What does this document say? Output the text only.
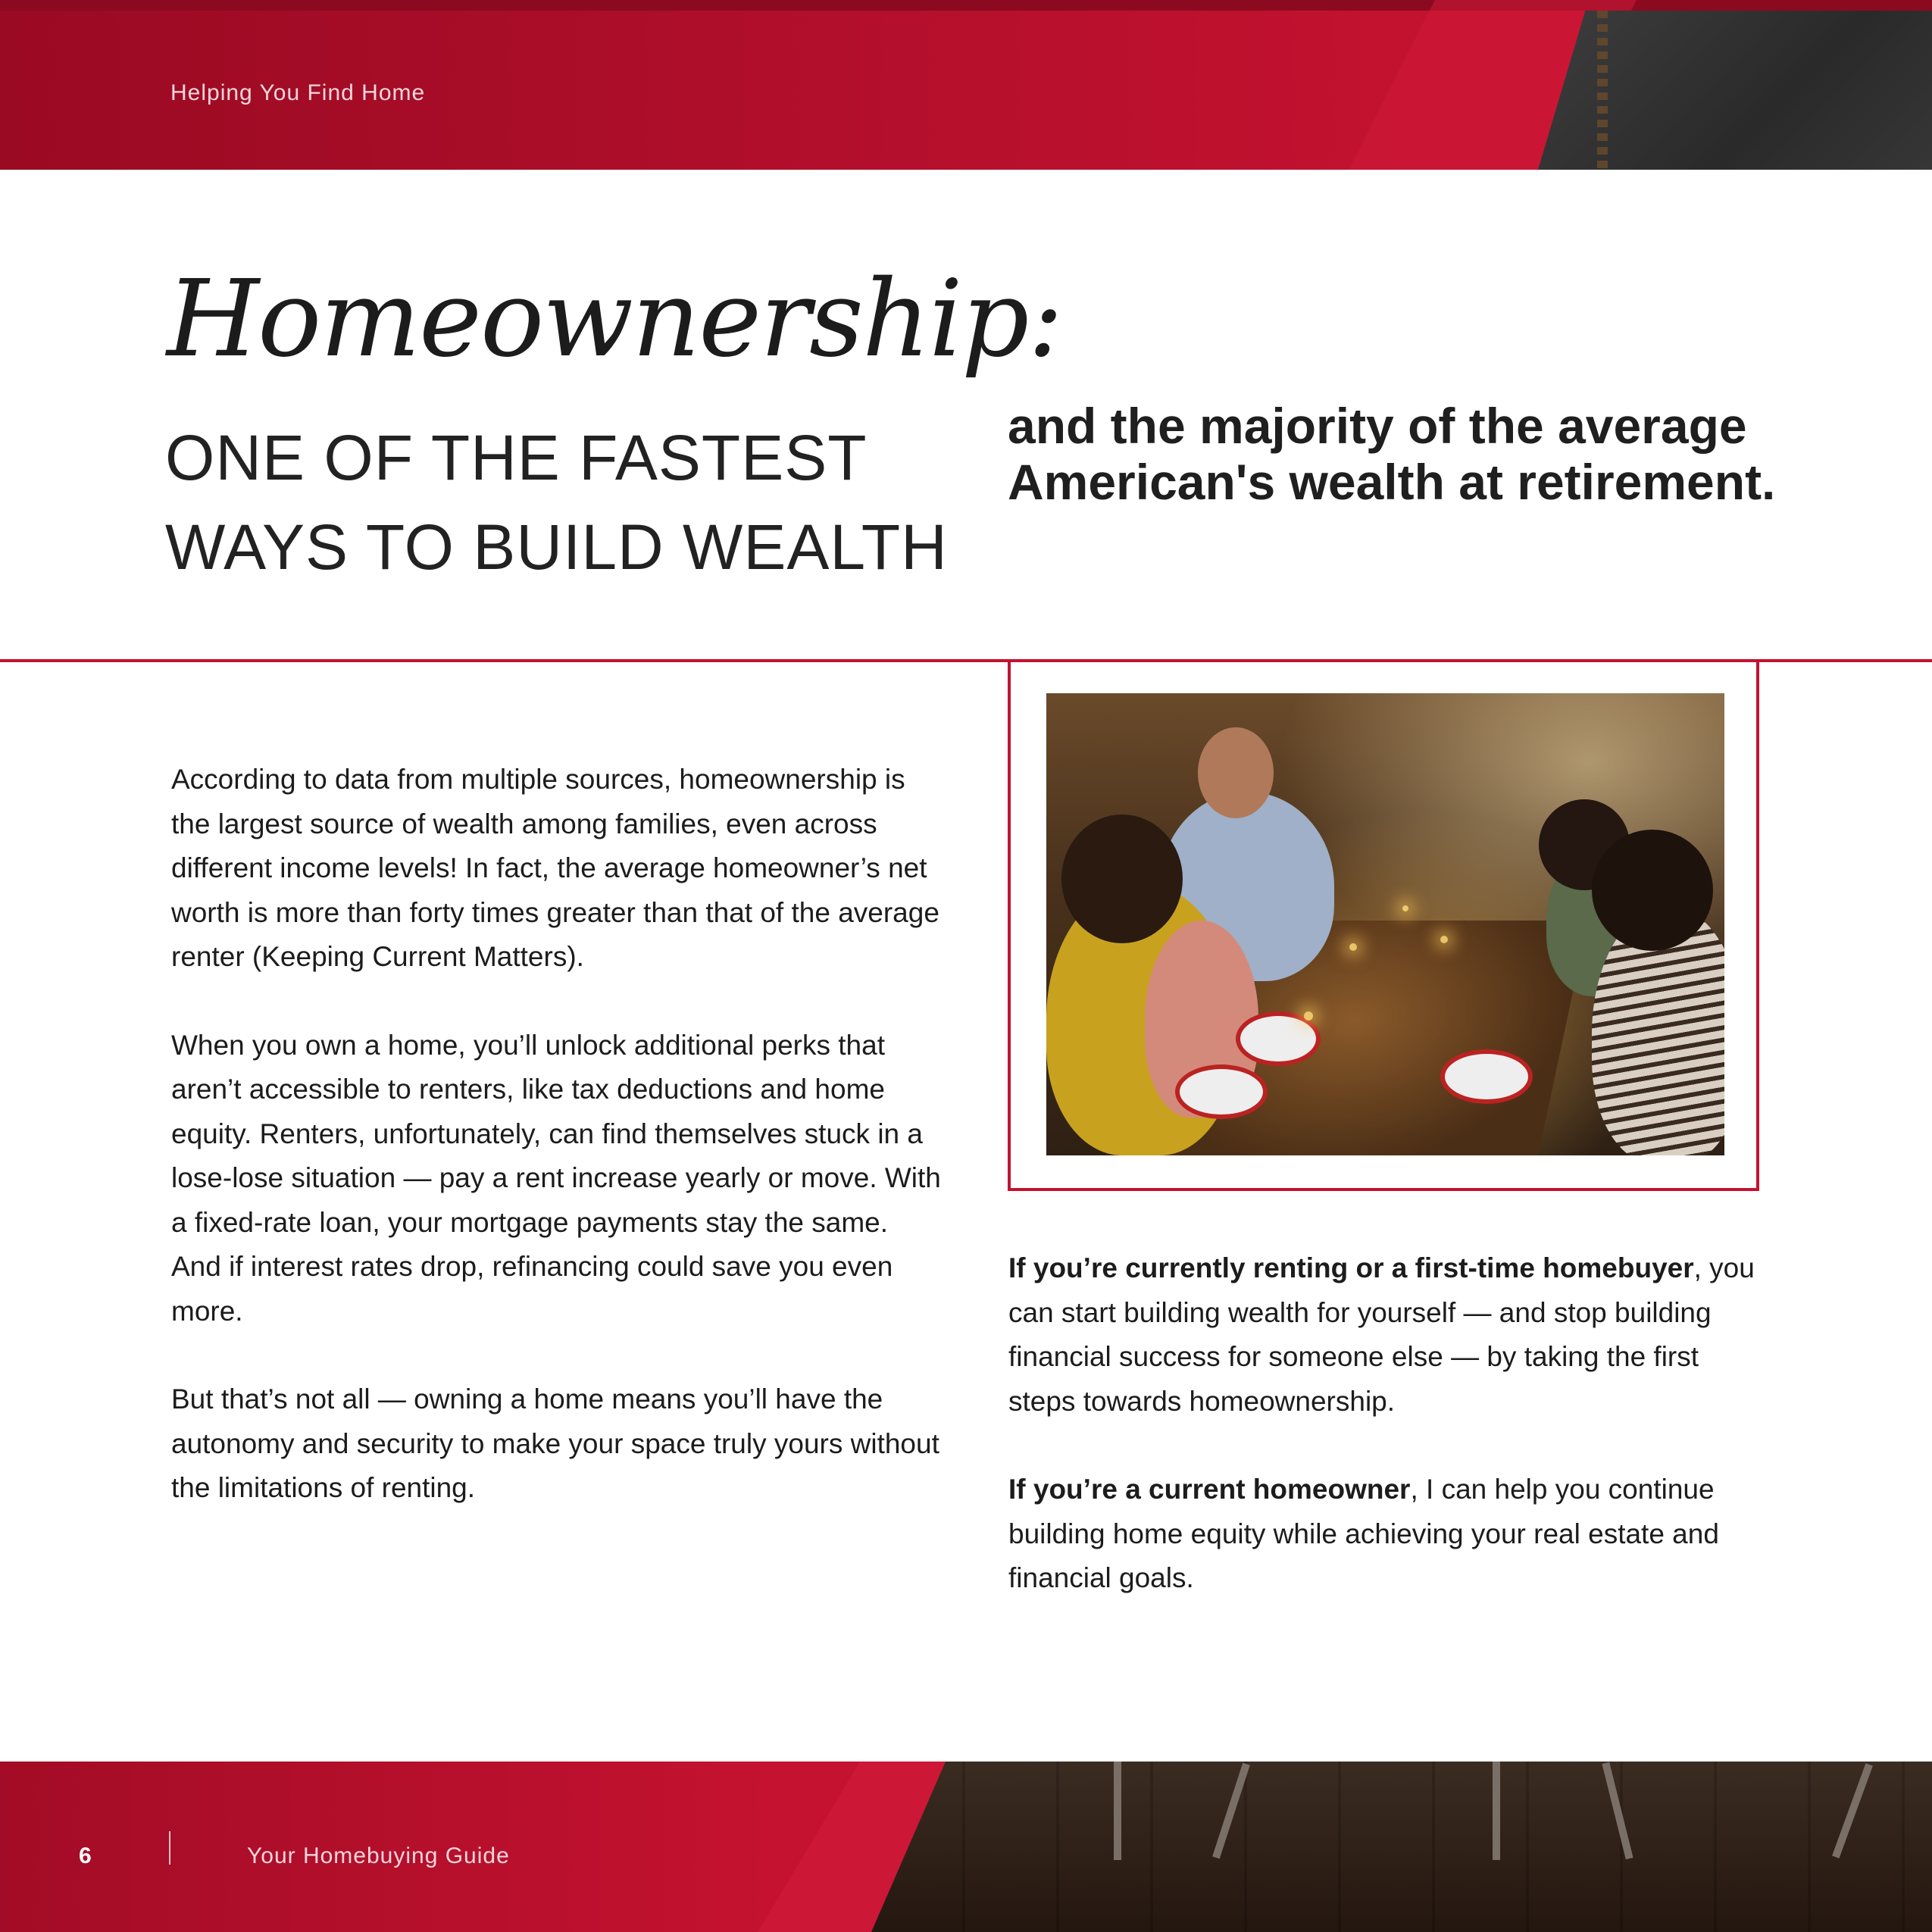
Helping You Find Home
Homeownership:
ONE OF THE FASTEST
WAYS TO BUILD WEALTH
and the majority of the average American's wealth at retirement.

According to data from multiple sources, homeownership is the largest source of wealth among families, even across different income levels! In fact, the average homeowner’s net worth is more than forty times greater than that of the average renter (Keeping Current Matters).

When you own a home, you’ll unlock additional perks that aren’t accessible to renters, like tax deductions and home equity. Renters, unfortunately, can find themselves stuck in a lose-lose situation — pay a rent increase yearly or move. With a fixed-rate loan, your mortgage payments stay the same. And if interest rates drop, refinancing could save you even more.

But that’s not all — owning a home means you’ll have the autonomy and security to make your space truly yours without the limitations of renting.

If you’re currently renting or a first-time homebuyer, you can start building wealth for yourself — and stop building financial success for someone else — by taking the first steps towards homeownership.

If you’re a current homeowner, I can help you continue building home equity while achieving your real estate and financial goals.

6	Your Homebuying Guide
